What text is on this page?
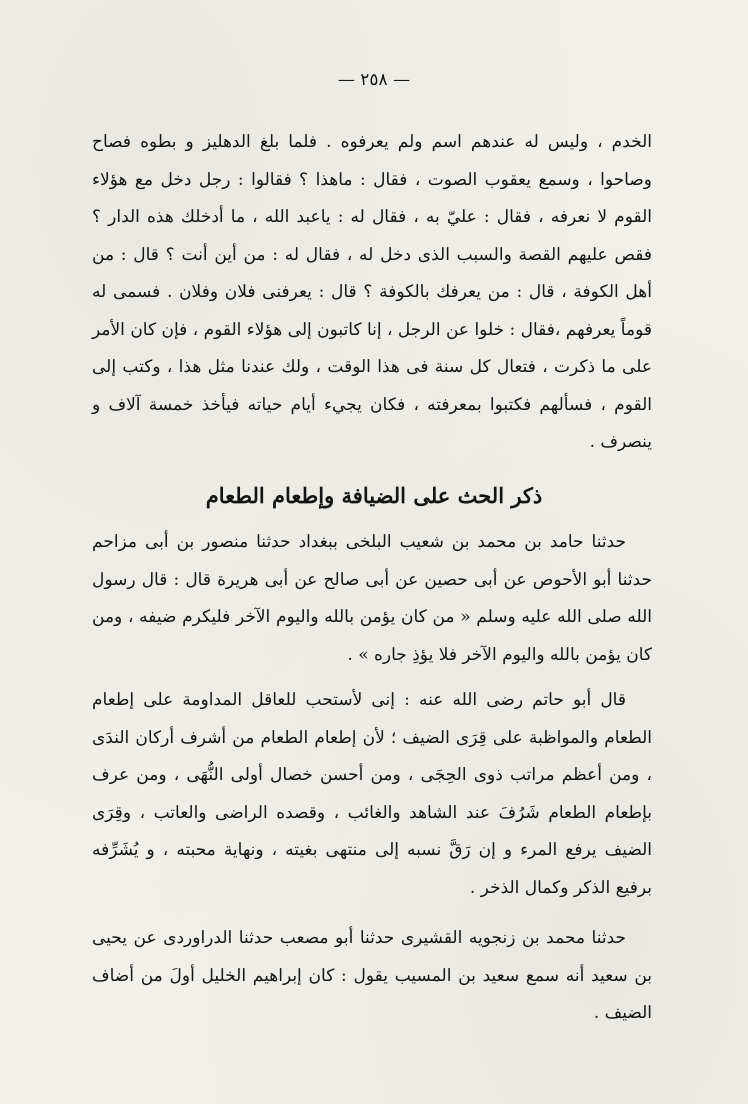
— ٢٥٨ —

الخدم ، وليس له عندهم اسم ولم يعرفوه . فلما بلغ الدهليز و بطوه فصاح وصاحوا ، وسمع يعقوب الصوت ، فقال : ماهذا ؟ فقالوا : رجل دخل مع هؤلاء القوم لا نعرفه ، فقال : عليّ به ، فقال له : ياعبد الله ، ما أدخلك هذه الدار ؟ فقص عليهم القصة والسبب الذى دخل له ، فقال له : من أين أنت ؟ قال : من أهل الكوفة ، قال : من يعرفك بالكوفة ؟ قال : يعرفنى فلان وفلان . فسمى له قوماً يعرفهم ،فقال : خلوا عن الرجل ، إنا كاتبون إلى هؤلاء القوم ، فإن كان الأمر على ما ذكرت ، فتعال كل سنة فى هذا الوقت ، ولك عندنا مثل هذا ، وكتب إلى القوم ، فسألهم فكتبوا بمعرفته ، فكان يجيء أيام حياته فيأخذ خمسة آلاف و ينصرف .

ذكر الحث على الضيافة وإطعام الطعام

حدثنا حامد بن محمد بن شعيب البلخى ببغداد حدثنا منصور بن أبى مزاحم حدثنا أبو الأحوص عن أبى حصين عن أبى صالح عن أبى هريرة قال : قال رسول الله صلى الله عليه وسلم « من كان يؤمن بالله واليوم الآخر فليكرم ضيفه ، ومن كان يؤمن بالله واليوم الآخر فلا يؤذِ جاره » .

قال أبو حاتم رضى الله عنه : إنى لأستحب للعاقل المداومة على إطعام الطعام والمواظبة على قِرَى الضيف ؛ لأن إطعام الطعام من أشرف أركان الندَى ، ومن أعظم مراتب ذوى الحِجَى ، ومن أحسن خصال أولى النُّهَى ، ومن عرف بإطعام الطعام شَرُفَ عند الشاهد والغائب ، وقصده الراضى والعاتب ، وقِرَى الضيف يرفع المرء و إن رَقَّ نسبه إلى منتهى بغيته ، ونهاية محبته ، و يُشَرِّفه برفيع الذكر وكمال الذخر .

حدثنا محمد بن زنجويه القشيرى حدثنا أبو مصعب حدثنا الدراوردى عن يحيى بن سعيد أنه سمع سعيد بن المسيب يقول : كان إبراهيم الخليل أولَ من أضاف الضيف .
